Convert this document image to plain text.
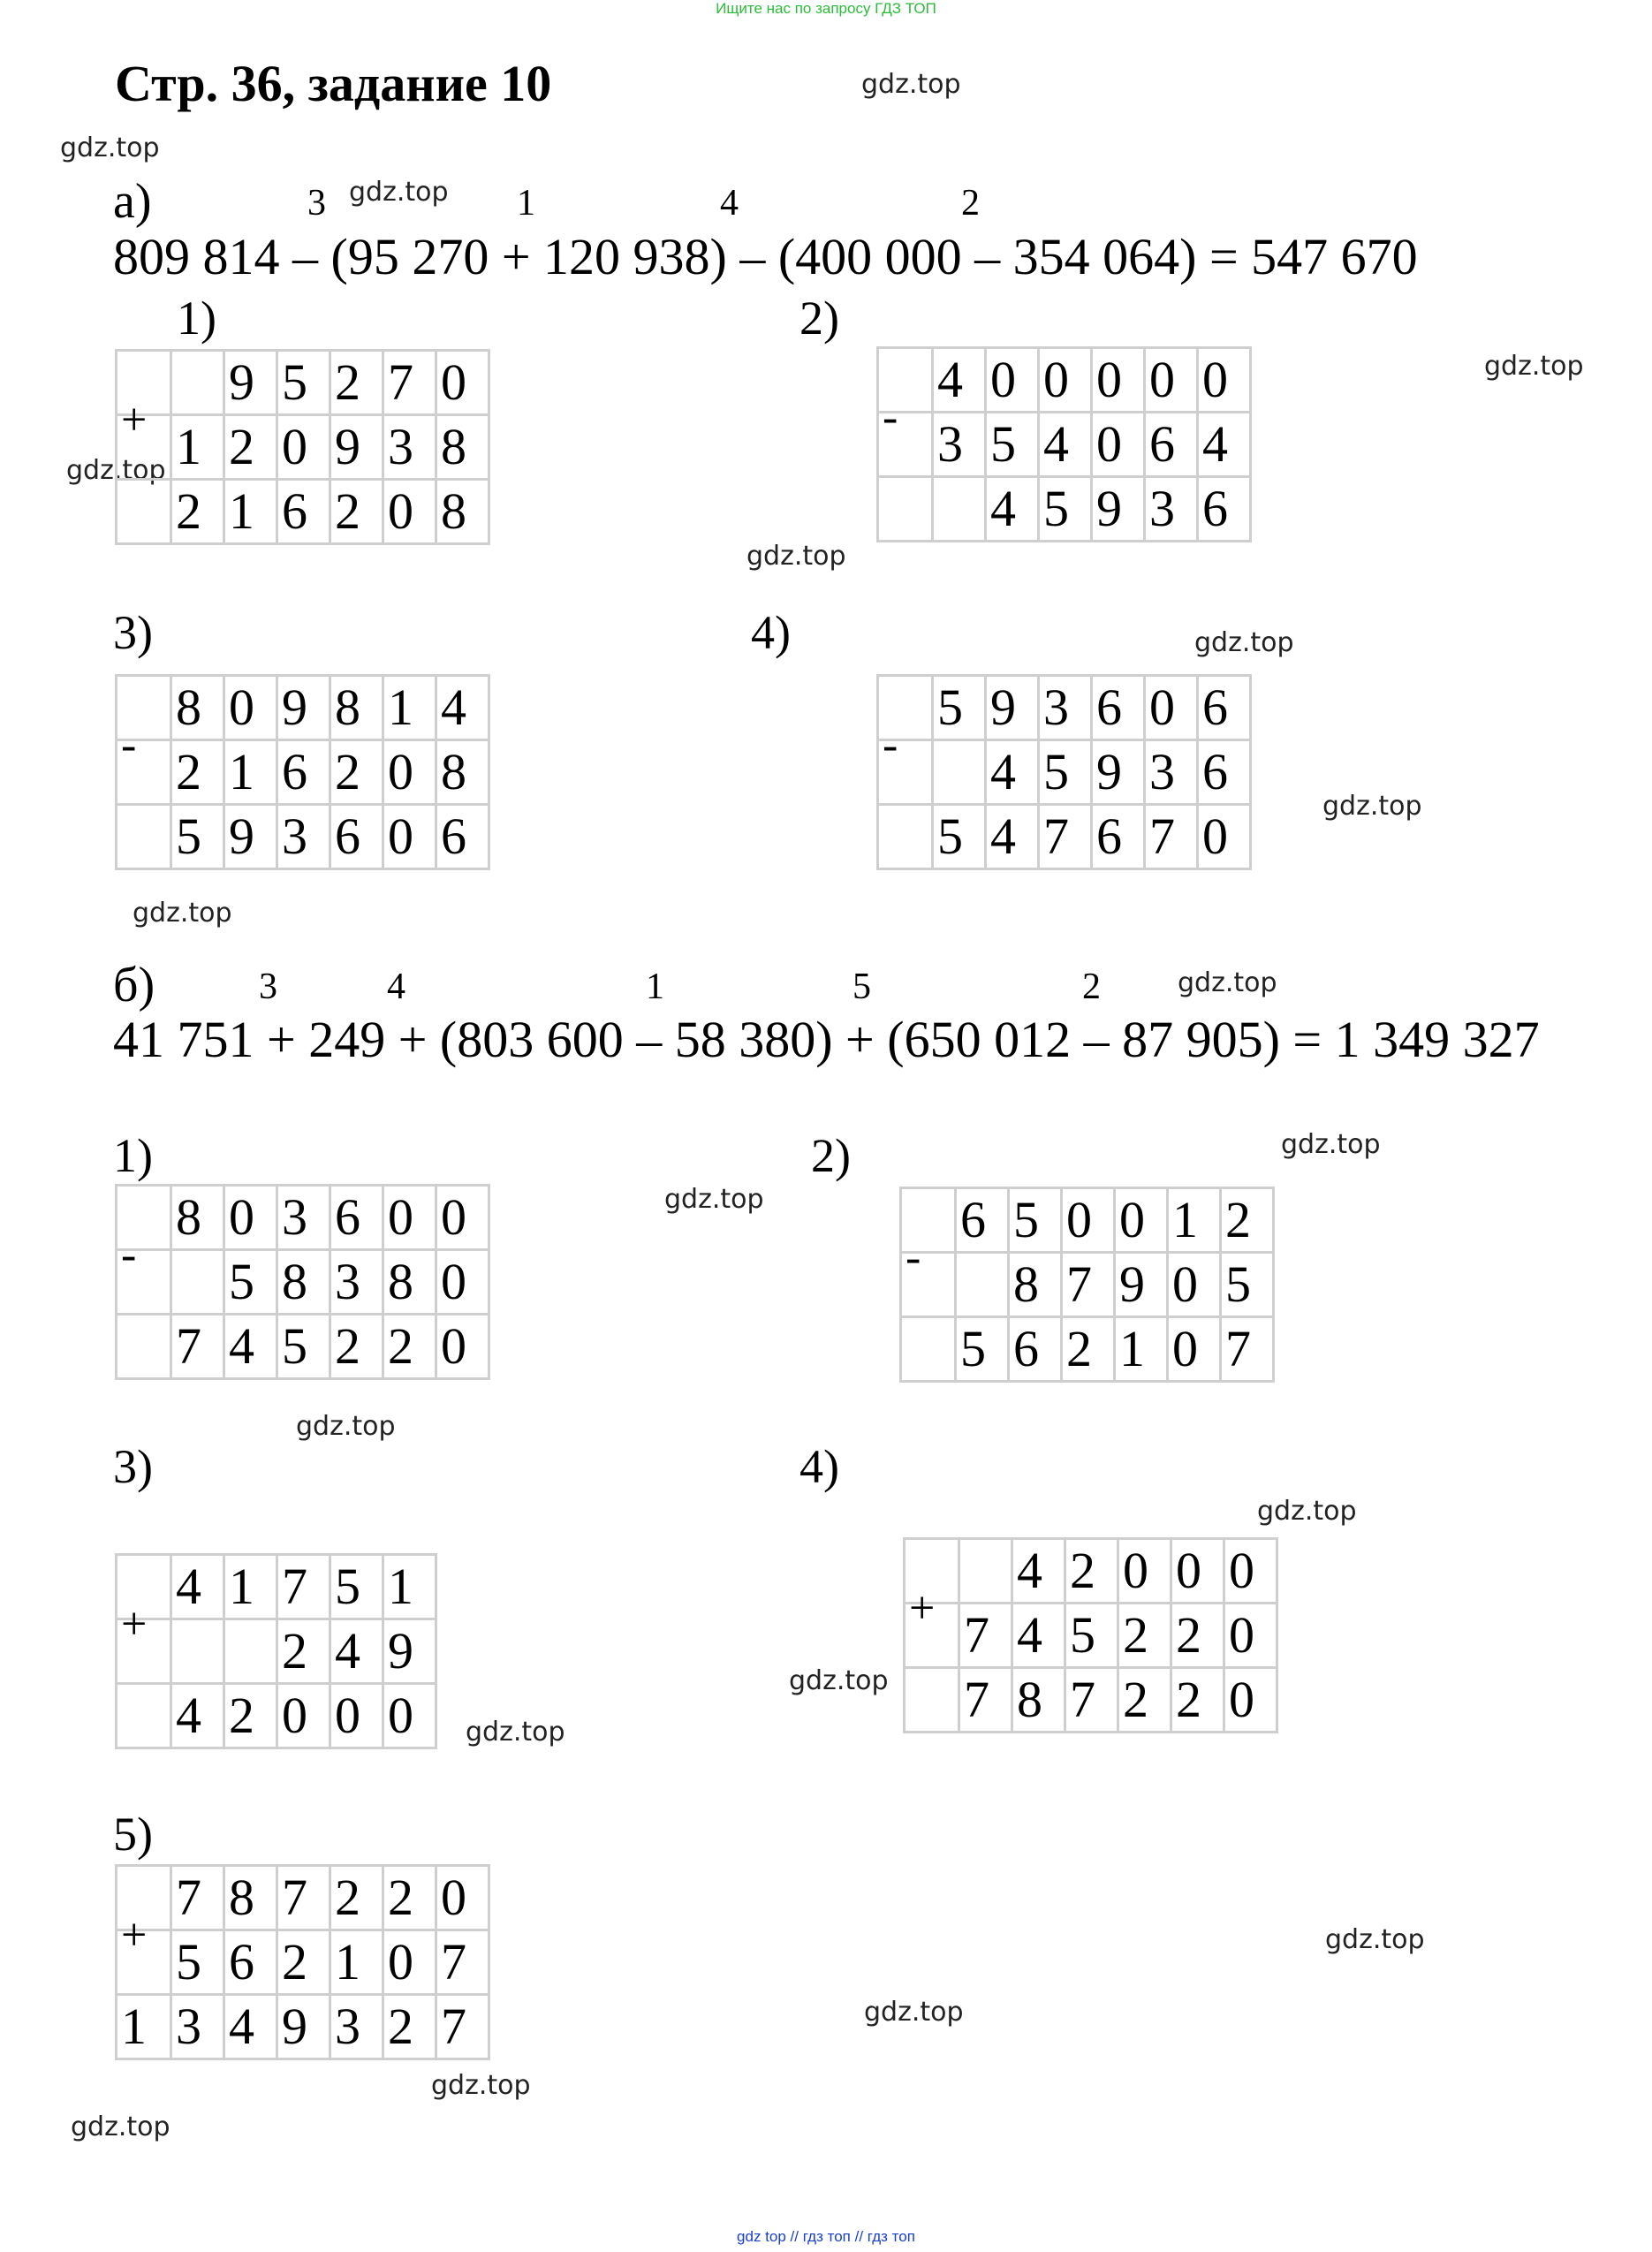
Ищите нас по запросу ГДЗ ТОП
Стр. 36, задание 10	gdz.top
gdz.top
gdz.top
gdz.top
gdz.top
gdz.top
gdz.top
gdz.top
gdz.top
gdz.top
gdz.top
gdz.top
gdz.top
gdz.top
gdz.top
gdz.top
gdz.top
gdz.top
gdz.top
gdz.top
а)	3	1	4	2
809 814 – (95 270 + 120 938) – (400 000 – 354 064) = 547 670
1)	2)
3)	4)
		9	5	2	7	0
+	1	2	0	9	3	8
	2	1	6	2	0	8
	4	0	0	0	0	0
-	3	5	4	0	6	4
		4	5	9	3	6
	8	0	9	8	1	4
-	2	1	6	2	0	8
	5	9	3	6	0	6
	5	9	3	6	0	6
-		4	5	9	3	6
	5	4	7	6	7	0
б)	3	4	1	5	2
41 751 + 249 + (803 600 – 58 380) + (650 012 – 87 905) = 1 349 327
1)	2)
3)	4)
5)
	8	0	3	6	0	0
-		5	8	3	8	0
	7	4	5	2	2	0
	6	5	0	0	1	2
-		8	7	9	0	5
	5	6	2	1	0	7
	4	1	7	5	1
+			2	4	9
	4	2	0	0	0
		4	2	0	0	0
+	7	4	5	2	2	0
	7	8	7	2	2	0
	7	8	7	2	2	0
+	5	6	2	1	0	7
1	3	4	9	3	2	7
gdz top // гдз топ // гдз топ
